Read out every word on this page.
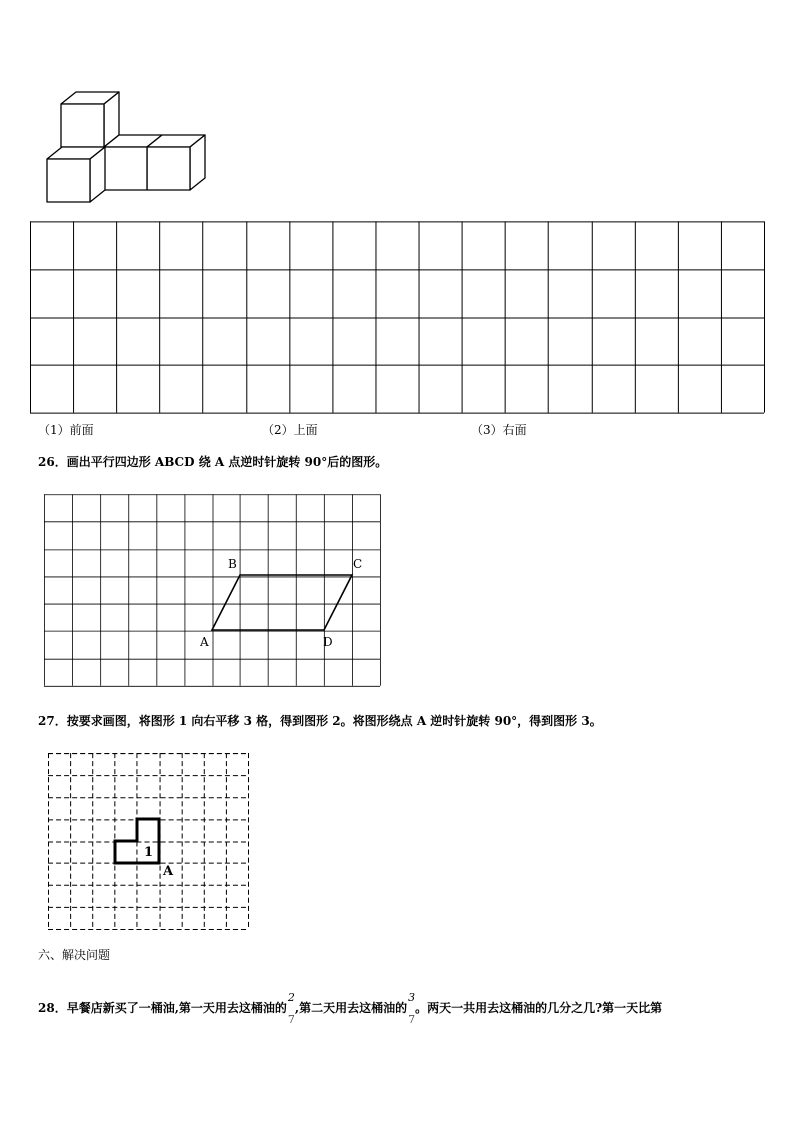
（1）前面	（2）上面	（3）右面
26．画出平行四边形 ABCD 绕 A 点逆时针旋转 90°后的图形。
A
B	C
D
27．按要求画图，将图形 1 向右平移 3 格，得到图形 2。将图形绕点 A 逆时针旋转 90°，得到图形 3。
1
A
六、解决问题
28．早餐店新买了一桶油,第一天用去这桶油的
2
7
,第二天用去这桶油的
3
7
。两天一共用去这桶油的几分之几?第一天比第
